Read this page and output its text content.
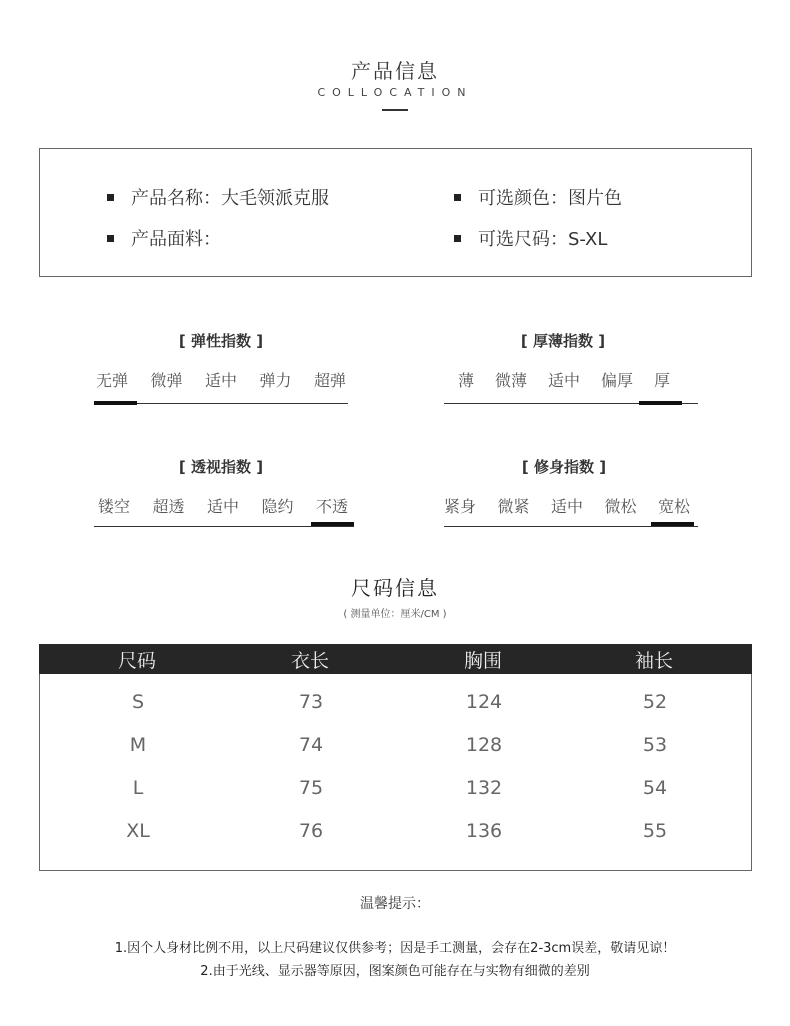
产品信息
COLLOCATION
产品名称：大毛领派克服	可选颜色：图片色
产品面料：	可选尺码：S-XL
[ 弹性指数 ]
无弹 微弹 适中 弹力 超弹
[ 厚薄指数 ]
薄 微薄 适中 偏厚 厚
[ 透视指数 ]
镂空 超透 适中 隐约 不透
[ 修身指数 ]
紧身 微紧 适中 微松 宽松
尺码信息
( 测量单位：厘米/CM )
尺码	衣长	胸围	袖长
S	73	124	52
M	74	128	53
L	75	132	54
XL	76	136	55
温馨提示：
1.因个人身材比例不用，以上尺码建议仅供参考；因是手工测量，会存在2-3cm误差，敬请见谅！
2.由于光线、显示器等原因，图案颜色可能存在与实物有细微的差别
